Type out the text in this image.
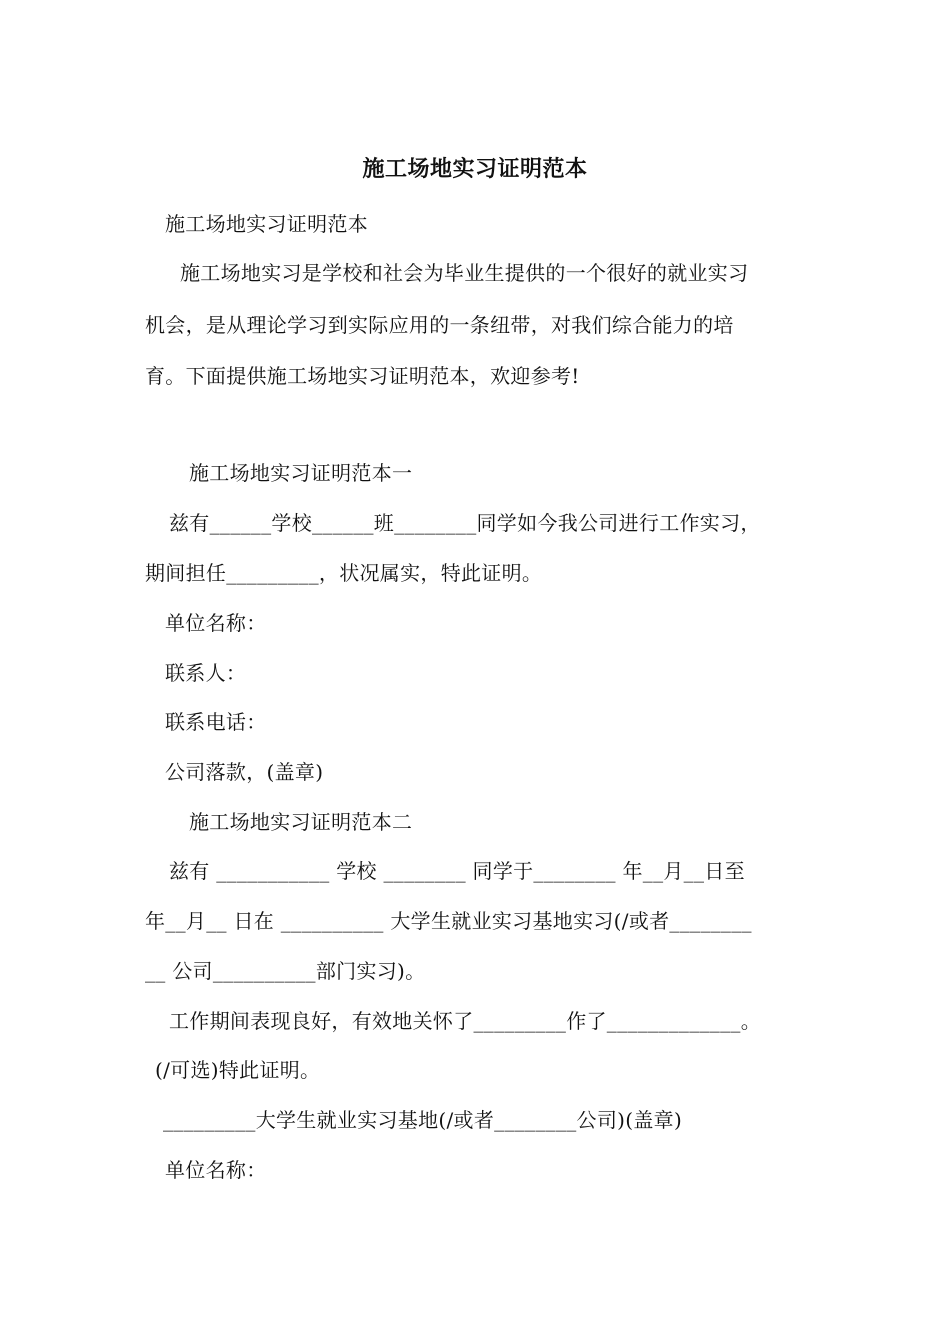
施工场地实习证明范本
施工场地实习证明范本
施工场地实习是学校和社会为毕业生提供的一个很好的就业实习
机会，是从理论学习到实际应用的一条纽带，对我们综合能力的培
育。下面提供施工场地实习证明范本，欢迎参考!
施工场地实习证明范本一
兹有______学校______班________同学如今我公司进行工作实习，
期间担任_________，状况属实，特此证明。
单位名称：
联系人：
联系电话：
公司落款，(盖章)
施工场地实习证明范本二
兹有 ___________ 学校 ________ 同学于________ 年__月__日至
年__月__ 日在 __________ 大学生就业实习基地实习(/或者________
__ 公司__________部门实习)。
工作期间表现良好，有效地关怀了_________作了_____________。
(/可选)特此证明。
_________大学生就业实习基地(/或者________公司)(盖章)
单位名称：
